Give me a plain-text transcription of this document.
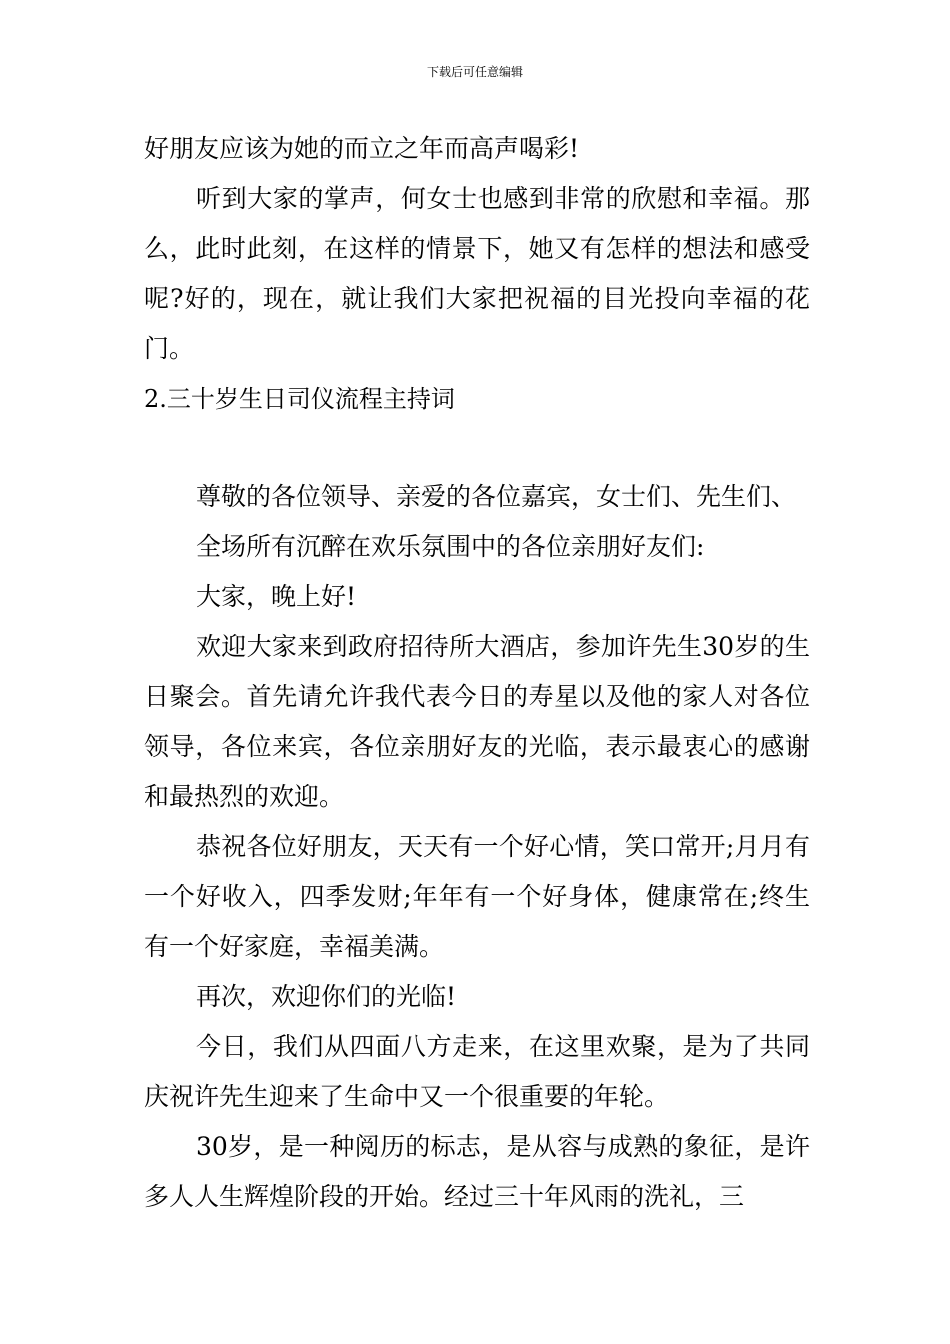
下载后可任意编辑

好朋友应该为她的而立之年而高声喝彩!

听到大家的掌声，何女士也感到非常的欣慰和幸福。那么，此时此刻，在这样的情景下，她又有怎样的想法和感受呢?好的，现在，就让我们大家把祝福的目光投向幸福的花门。

2.三十岁生日司仪流程主持词

尊敬的各位领导、亲爱的各位嘉宾，女士们、先生们、

全场所有沉醉在欢乐氛围中的各位亲朋好友们:

大家，晚上好!

欢迎大家来到政府招待所大酒店，参加许先生30岁的生日聚会。首先请允许我代表今日的寿星以及他的家人对各位领导，各位来宾，各位亲朋好友的光临，表示最衷心的感谢和最热烈的欢迎。

恭祝各位好朋友，天天有一个好心情，笑口常开;月月有一个好收入，四季发财;年年有一个好身体，健康常在;终生有一个好家庭，幸福美满。

再次，欢迎你们的光临!

今日，我们从四面八方走来，在这里欢聚，是为了共同庆祝许先生迎来了生命中又一个很重要的年轮。

30岁，是一种阅历的标志，是从容与成熟的象征，是许多人人生辉煌阶段的开始。经过三十年风雨的洗礼，三
